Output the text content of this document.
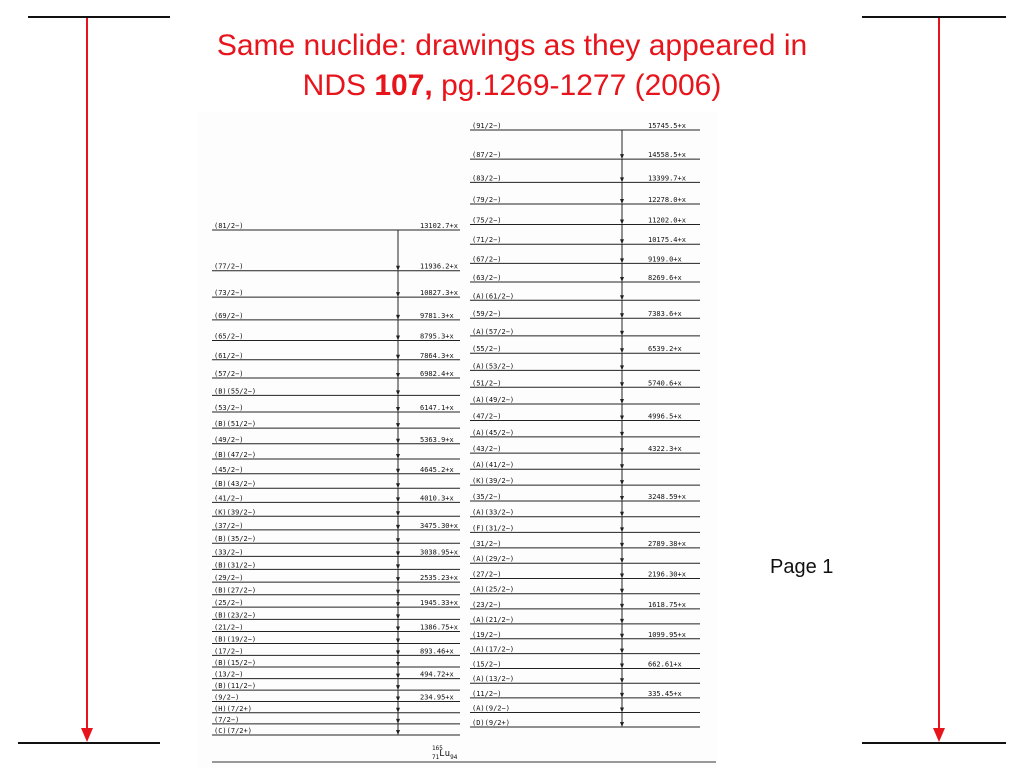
Same nuclide: drawings as they appeared in
NDS 107, pg.1269-1277 (2006)
Page 1
(81/2−)	13102.7+x
(77/2−)	11936.2+x
(73/2−)	10827.3+x
(69/2−)	9781.3+x
(65/2−)	8795.3+x
(61/2−)	7864.3+x
(57/2−)	6982.4+x
(B)(55/2−)
(53/2−)	6147.1+x
(B)(51/2−)
(49/2−)	5363.9+x
(B)(47/2−)
(45/2−)	4645.2+x
(B)(43/2−)
(41/2−)	4010.3+x
(K)(39/2−)
(37/2−)	3475.30+x
(B)(35/2−)
(33/2−)	3038.95+x
(B)(31/2−)
(29/2−)	2535.23+x
(B)(27/2−)
(25/2−)	1945.33+x
(B)(23/2−)
(21/2−)	1386.75+x
(B)(19/2−)
(17/2−)	893.46+x
(B)(15/2−)
(13/2−)	494.72+x
(B)(11/2−)
(9/2−)	234.95+x
(H)(7/2+)
(7/2−)
(C)(7/2+)
(91/2−)	15745.5+x
(87/2−)	14558.5+x
(83/2−)	13399.7+x
(79/2−)	12278.0+x
(75/2−)	11202.0+x
(71/2−)	10175.4+x
(67/2−)	9199.0+x
(63/2−)	8269.6+x
(A)(61/2−)
(59/2−)	7383.6+x
(A)(57/2−)
(55/2−)	6539.2+x
(A)(53/2−)
(51/2−)	5740.6+x
(A)(49/2−)
(47/2−)	4996.5+x
(A)(45/2−)
(43/2−)	4322.3+x
(A)(41/2−)
(K)(39/2−)
(35/2−)	3248.59+x
(A)(33/2−)
(F)(31/2−)
(31/2−)	2789.38+x
(A)(29/2−)
(27/2−)	2196.30+x
(A)(25/2−)
(23/2−)	1618.75+x
(A)(21/2−)
(19/2−)	1099.95+x
(A)(17/2−)
(15/2−)	662.61+x
(A)(13/2−)
(11/2−)	335.45+x
(A)(9/2−)
(D)(9/2+)
165 71Lu94
